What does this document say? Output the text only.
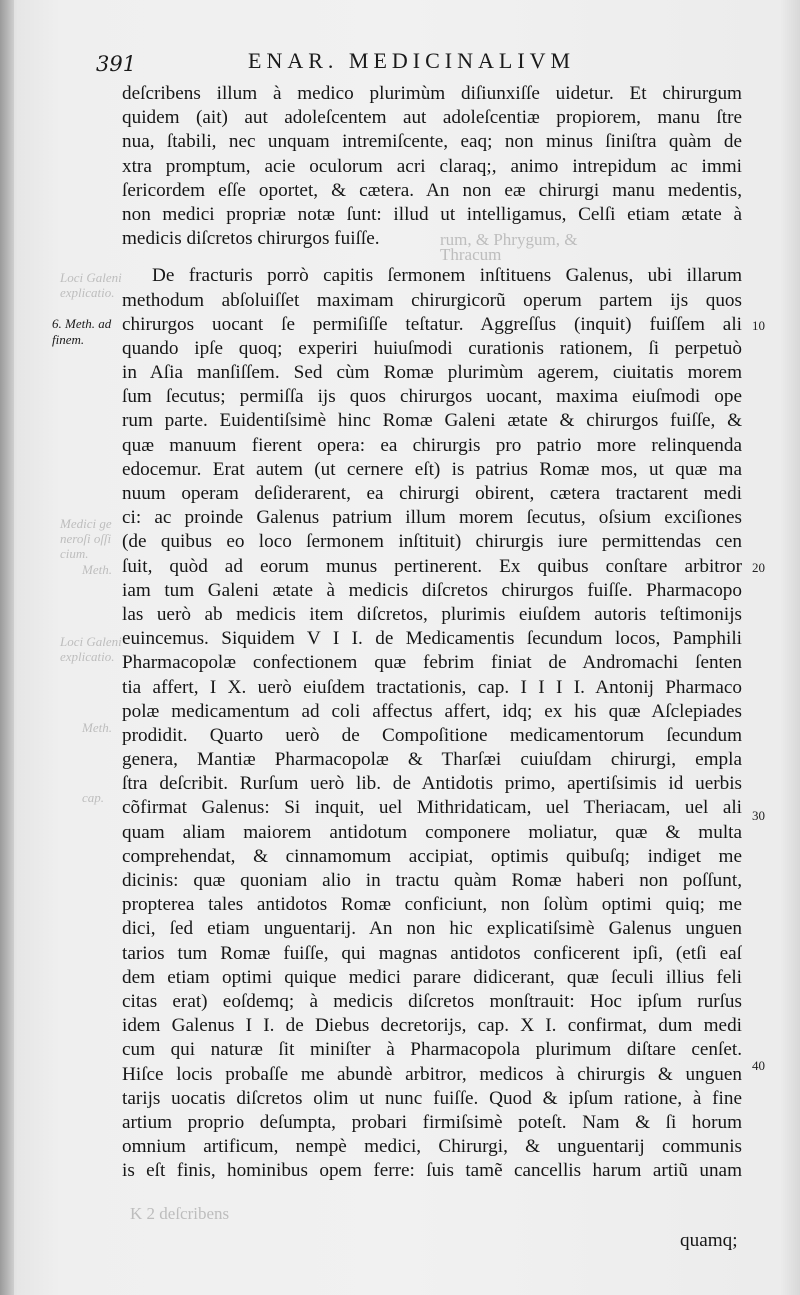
Loci Galeni explicatio.
Medici ge neroſi oſſi cium.
Meth.
Loci Galeni explicatio.
Meth.
cap.
rum, & Phrygum, & Thracum
K 2 deſcribens
391	ENAR. MEDICINALIVM
6. Meth. ad finem.
10
20
30
40
deſcribens illum à medico plurimùm diſiunxiſſe uidetur. Et chirurgum
quidem (ait) aut adoleſcentem aut adoleſcentiæ propiorem, manu ſtre
nua, ſtabili, nec unquam intremiſcente, eaq; non minus ſiniſtra quàm de
xtra promptum, acie oculorum acri claraq;, animo intrepidum ac immi
ſericordem eſſe oportet, & cætera. An non eæ chirurgi manu medentis,
non medici propriæ notæ ſunt: illud ut intelligamus, Celſi etiam ætate à
medicis diſcretos chirurgos fuiſſe.
De fracturis porrò capitis ſermonem inſtituens Galenus, ubi illarum
methodum abſoluiſſet maximam chirurgicorũ operum partem ijs quos
chirurgos uocant ſe permiſiſſe teſtatur. Aggreſſus (inquit) fuiſſem ali
quando ipſe quoq; experiri huiuſmodi curationis rationem, ſi perpetuò
in Aſia manſiſſem. Sed cùm Romæ plurimùm agerem, ciuitatis morem
ſum ſecutus; permiſſa ijs quos chirurgos uocant, maxima eiuſmodi ope
rum parte. Euidentiſsimè hinc Romæ Galeni ætate & chirurgos fuiſſe, &
quæ manuum fierent opera: ea chirurgis pro patrio more relinquenda
edocemur. Erat autem (ut cernere eſt) is patrius Romæ mos, ut quæ ma
nuum operam deſiderarent, ea chirurgi obirent, cætera tractarent medi
ci: ac proinde Galenus patrium illum morem ſecutus, oſsium exciſiones
(de quibus eo loco ſermonem inſtituit) chirurgis iure permittendas cen
ſuit, quòd ad eorum munus pertinerent. Ex quibus conſtare arbitror
iam tum Galeni ætate à medicis diſcretos chirurgos fuiſſe. Pharmacopo
las uerò ab medicis item diſcretos, plurimis eiuſdem autoris teſtimonijs
euincemus. Siquidem V I I. de Medicamentis ſecundum locos, Pamphili
Pharmacopolæ confectionem quæ febrim finiat de Andromachi ſenten
tia affert, I X. uerò eiuſdem tractationis, cap. I I I I. Antonij Pharmaco
polæ medicamentum ad coli affectus affert, idq; ex his quæ Aſclepiades
prodidit. Quarto uerò de Compoſitione medicamentorum ſecundum
genera, Mantiæ Pharmacopolæ & Tharſæi cuiuſdam chirurgi, empla
ſtra deſcribit. Rurſum uerò lib. de Antidotis primo, apertiſsimis id uerbis
cõfirmat Galenus: Si inquit, uel Mithridaticam, uel Theriacam, uel ali
quam aliam maiorem antidotum componere moliatur, quæ & multa
comprehendat, & cinnamomum accipiat, optimis quibuſq; indiget me
dicinis: quæ quoniam alio in tractu quàm Romæ haberi non poſſunt,
propterea tales antidotos Romæ conficiunt, non ſolùm optimi quiq; me
dici, ſed etiam unguentarij. An non hic explicatiſsimè Galenus unguen
tarios tum Romæ fuiſſe, qui magnas antidotos conficerent ipſi, (etſi eaſ
dem etiam optimi quique medici parare didicerant, quæ ſeculi illius feli
citas erat) eoſdemq; à medicis diſcretos monſtrauit: Hoc ipſum rurſus
idem Galenus I I. de Diebus decretorijs, cap. X I. confirmat, dum medi
cum qui naturæ ſit miniſter à Pharmacopola plurimum diſtare cenſet.
Hiſce locis probaſſe me abundè arbitror, medicos à chirurgis & unguen
tarijs uocatis diſcretos olim ut nunc fuiſſe. Quod & ipſum ratione, à fine
artium proprio deſumpta, probari firmiſsimè poteſt. Nam & ſi horum
omnium artificum, nempè medici, Chirurgi, & unguentarij communis
is eſt finis, hominibus opem ferre: ſuis tamẽ cancellis harum artiũ unam
quamq;
